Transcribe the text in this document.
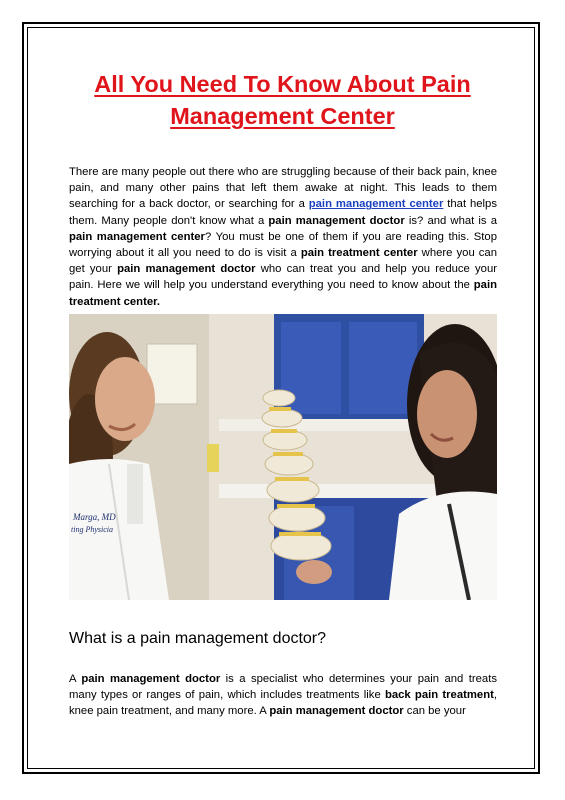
All You Need To Know About Pain Management Center

There are many people out there who are struggling because of their back pain, knee pain, and many other pains that left them awake at night. This leads to them searching for a back doctor, or searching for a pain management center that helps them. Many people don't know what a pain management doctor is? and what is a pain management center? You must be one of them if you are reading this. Stop worrying about it all you need to do is visit a pain treatment center where you can get your pain management doctor who can treat you and help you reduce your pain. Here we will help you understand everything you need to know about the pain treatment center.

Marga, MD
ting Physicia
What is a pain management doctor?

A pain management doctor is a specialist who determines your pain and treats many types or ranges of pain, which includes treatments like back pain treatment, knee pain treatment, and many more. A pain management doctor can be your
